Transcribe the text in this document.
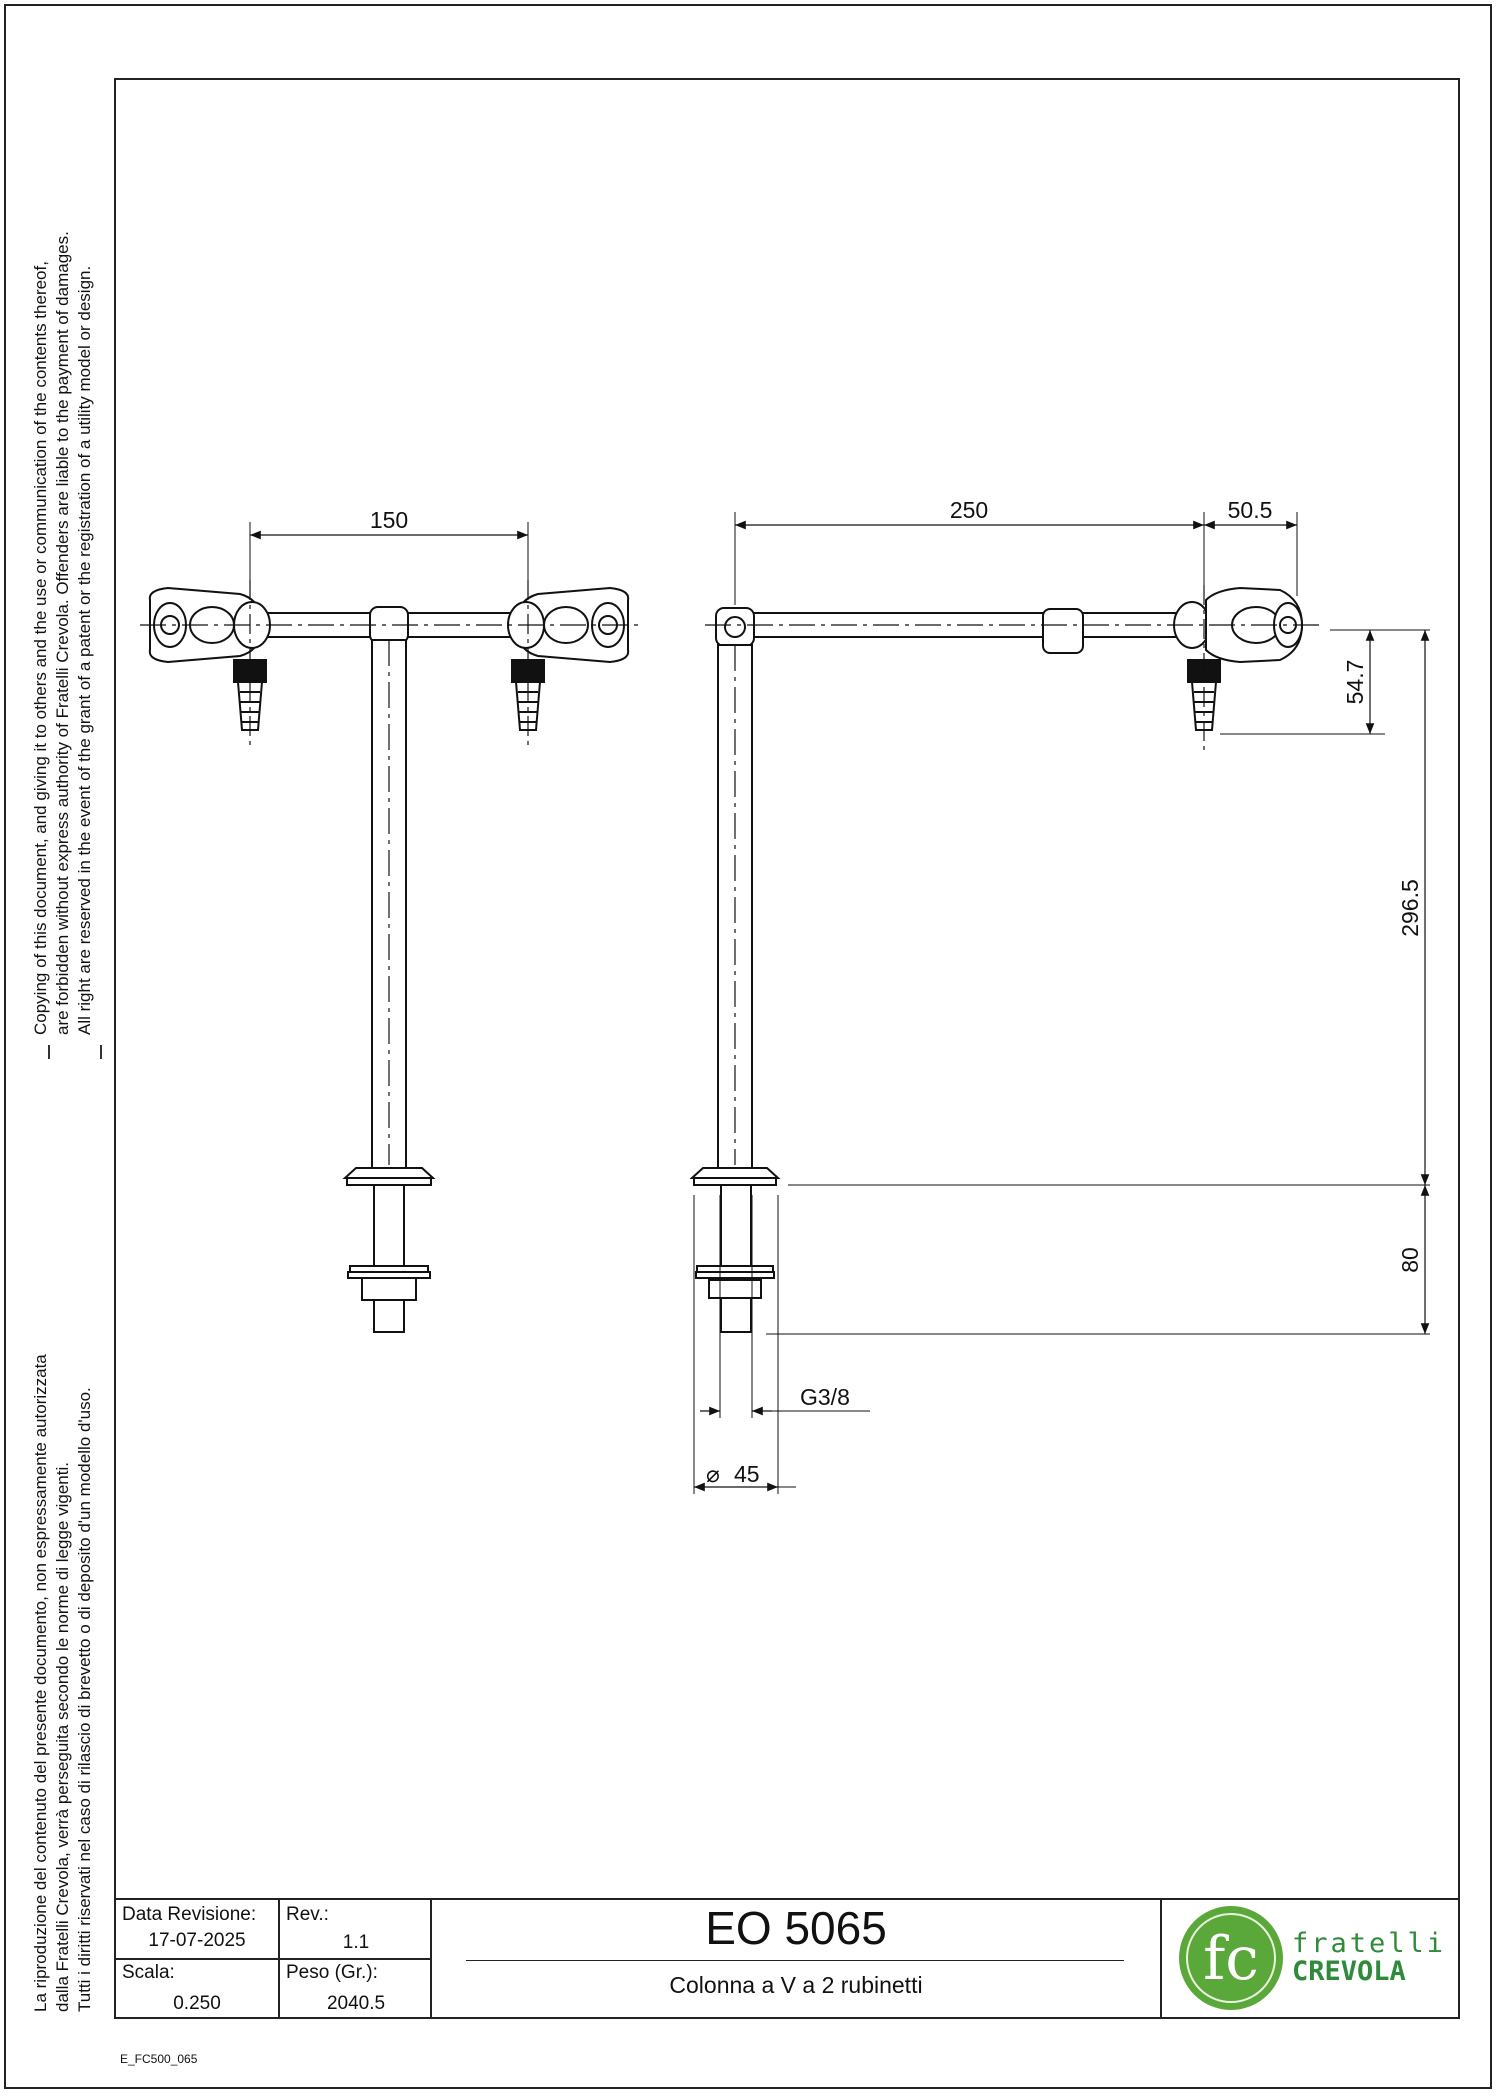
Copying of this document, and giving it to others and the use or communication of the contents thereof, are forbidden without express authority of Fratelli Crevola. Offenders are liable to the payment of damages. All right are reserved in the event of the grant of a patent or the registration of a utility model or design.
La riproduzione del contenuto del presente documento, non espressamente autorizzata dalla Fratelli Crevola, verrà perseguita secondo le norme di legge vigenti. Tutti i diritti riservati nel caso di rilascio di brevetto o di deposito d'un modello d'uso.
150	250	50.5
54.7
296.5
80
G3/8
⌀ 45
Data Revisione:
17-07-2025
Rev.:
1.1
Scala:
0.250
Peso (Gr.):
2040.5
EO 5065
Colonna a V a 2 rubinetti	fc fratelli
CREVOLA
E_FC500_065
